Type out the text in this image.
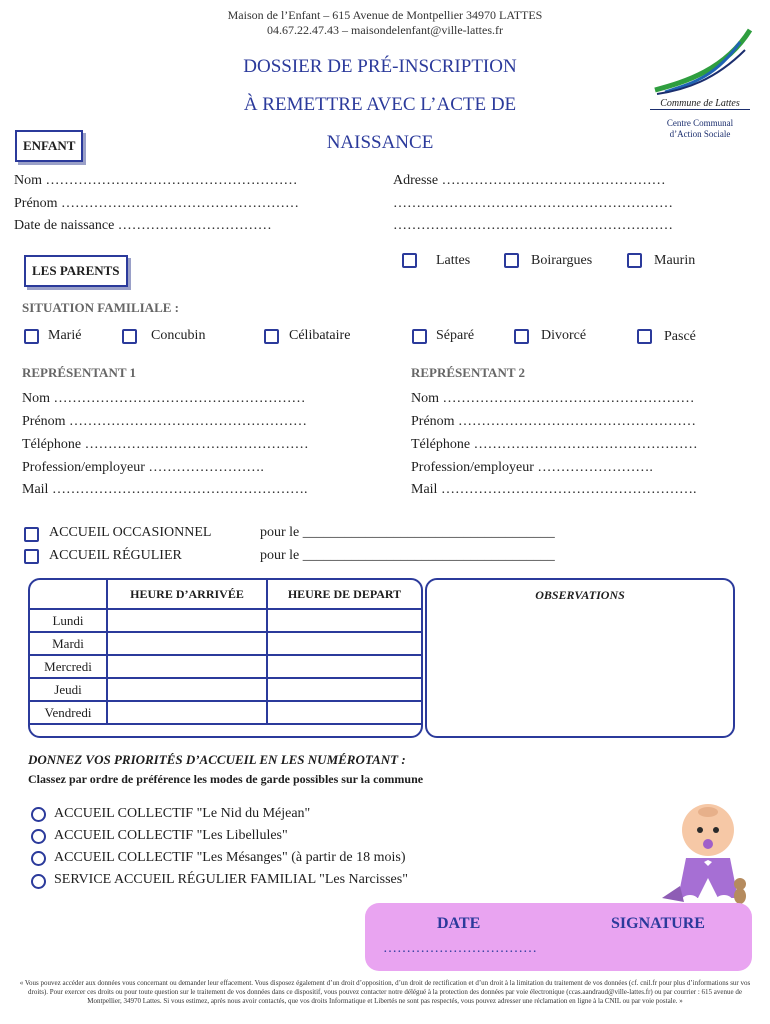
Maison de l’Enfant – 615 Avenue de Montpellier 34970 LATTES
04.67.22.47.43 – maisondelenfant@ville-lattes.fr
DOSSIER DE PRÉ-INSCRIPTION
À REMETTRE AVEC L’ACTE DE
NAISSANCE
Commune de Lattes
Centre Communal
d’Action Sociale
ENFANT
Nom ………………………………………………
Prénom ……………………………………………
Date de naissance ……………………………
Adresse …………………………………………
……………………………………………………
……………………………………………………
Lattes	Boirargues	Maurin
LES PARENTS
SITUATION FAMILIALE :
Marié	Concubin	Célibataire	Séparé	Divorcé	Pascé
REPRÉSENTANT 1
Nom ………………………………………………
Prénom ……………………………………………
Téléphone …………………………………………
Profession/employeur …………………….
Mail ……………………………………………….
REPRÉSENTANT 2
Nom ………………………………………………
Prénom ……………………………………………
Téléphone …………………………………………
Profession/employeur …………………….
Mail ……………………………………………….
ACCUEIL OCCASIONNEL	pour le ____________________________________
ACCUEIL RÉGULIER	pour le ____________________________________
	HEURE D’ARRIVÉE	HEURE DE DEPART
Lundi		
Mardi		
Mercredi		
Jeudi		
Vendredi		
OBSERVATIONS
DONNEZ VOS PRIORITÉS D’ACCUEIL EN LES NUMÉROTANT :
Classez par ordre de préférence les modes de garde possibles sur la commune
ACCUEIL COLLECTIF "Le Nid du Méjean"
ACCUEIL COLLECTIF "Les Libellules"
ACCUEIL COLLECTIF "Les Mésanges" (à partir de 18 mois)
SERVICE ACCUEIL RÉGULIER FAMILIAL "Les Narcisses"
DATE	SIGNATURE
……………………………
« Vous pouvez accéder aux données vous concernant ou demander leur effacement. Vous disposez également d’un droit d’opposition, d’un droit de rectification et d’un droit à la limitation du traitement de vos données (cf. cnil.fr pour plus d’informations sur vos droits). Pour exercer ces droits ou pour toute question sur le traitement de vos données dans ce dispositif, vous pouvez contacter notre délégué à la protection des données par voie électronique (ccas.aandraud@ville-lattes.fr) ou par courrier : 615 avenue de Montpellier, 34970 Lattes. Si vous estimez, après nous avoir contactés, que vos droits Informatique et Libertés ne sont pas respectés, vous pouvez adresser une réclamation en ligne à la CNIL ou par voie postale. »
